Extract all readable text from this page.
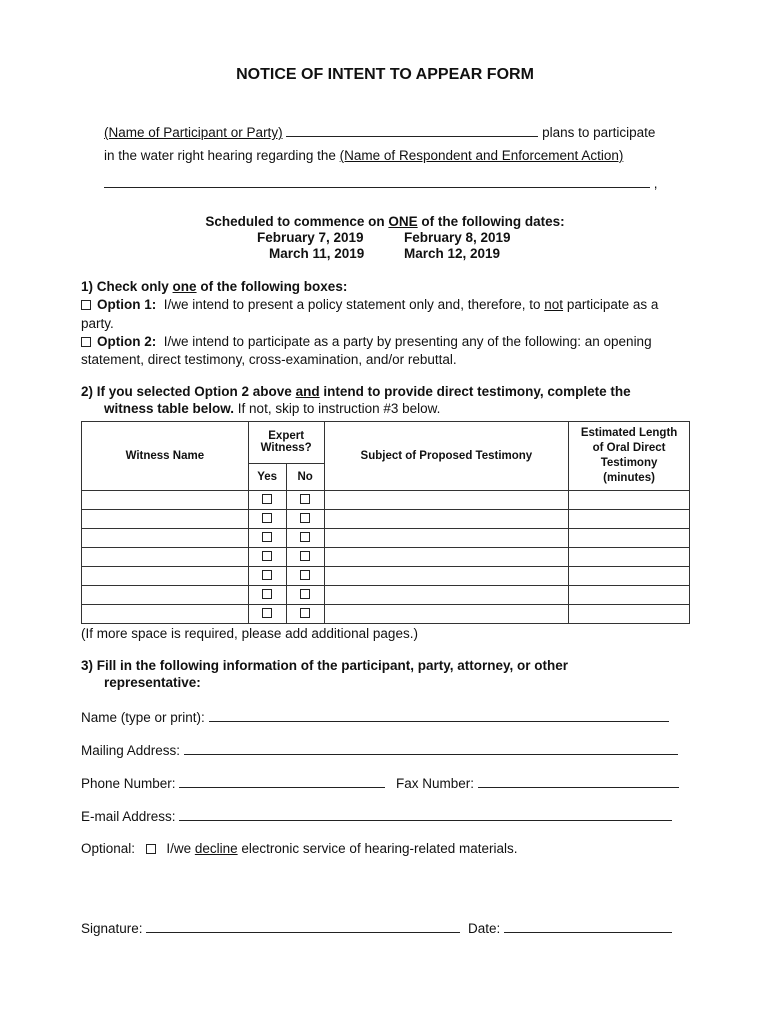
NOTICE OF INTENT TO APPEAR FORM
(Name of Participant or Party)	plans to participate
in the water right hearing regarding the (Name of Respondent and Enforcement Action)
,
Scheduled to commence on ONE of the following dates:
February 7, 2019	February 8, 2019
March 11, 2019	March 12, 2019
1) Check only one of the following boxes:
Option 1: I/we intend to present a policy statement only and, therefore, to not participate as a
party.
Option 2: I/we intend to participate as a party by presenting any of the following: an opening
statement, direct testimony, cross-examination, and/or rebuttal.
2) If you selected Option 2 above and intend to provide direct testimony, complete the
witness table below. If not, skip to instruction #3 below.
Witness Name	Expert Witness?		Subject of Proposed Testimony	Estimated Length of Oral Direct Testimony (minutes)
	Yes	No		

(If more space is required, please add additional pages.)
3) Fill in the following information of the participant, party, attorney, or other
representative:
Name (type or print):
Mailing Address:
Phone Number:	Fax Number:
E-mail Address:
Optional: I/we decline electronic service of hearing-related materials.
Signature:	Date:
